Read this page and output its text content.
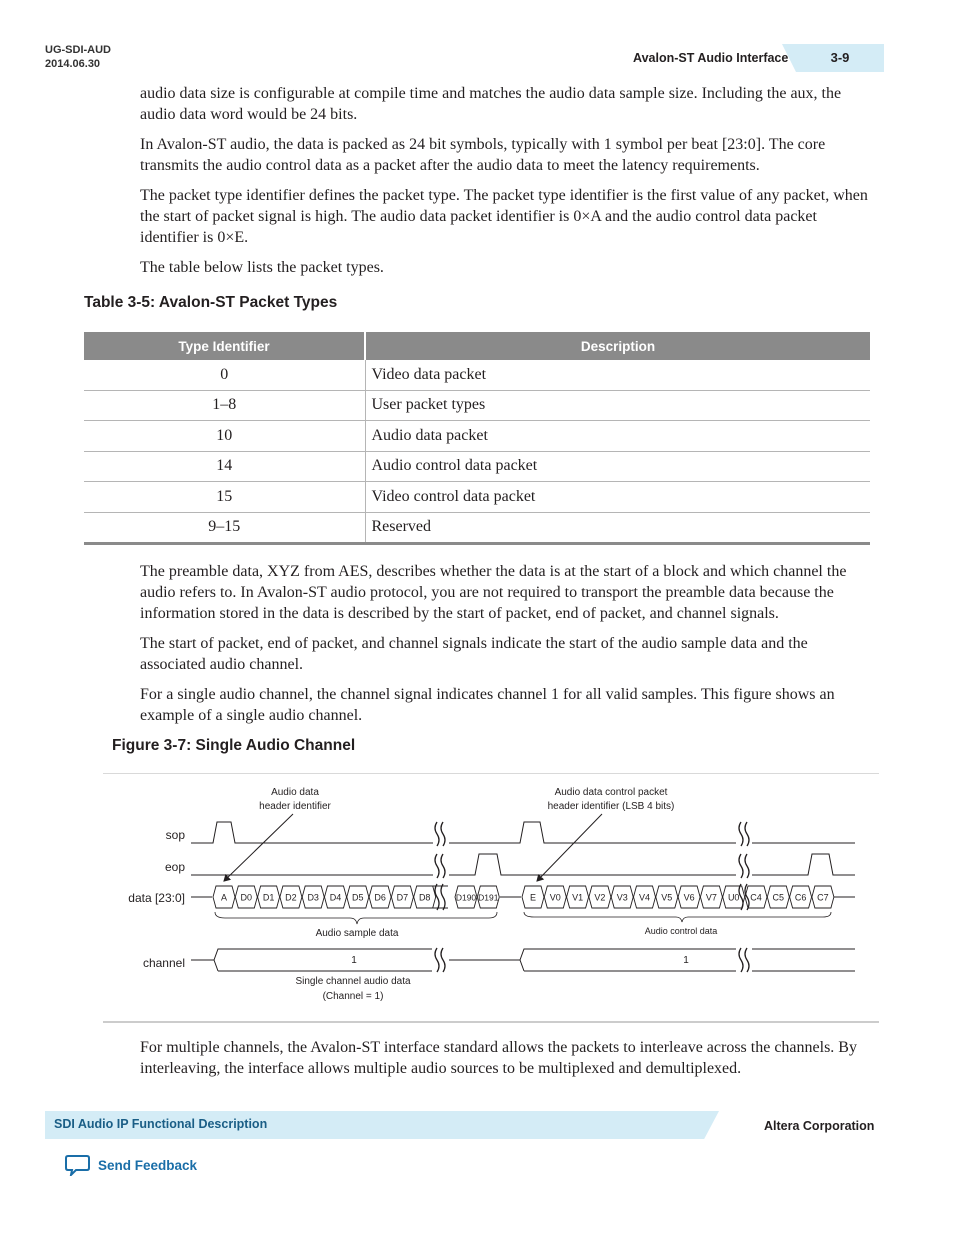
UG-SDI-AUD
2014.06.30	Avalon-ST Audio Interface	3-9

audio data size is configurable at compile time and matches the audio data sample size. Including the aux, the audio data word would be 24 bits.

In Avalon-ST audio, the data is packed as 24 bit symbols, typically with 1 symbol per beat [23:0]. The core transmits the audio control data as a packet after the audio data to meet the latency requirements.

The packet type identifier defines the packet type. The packet type identifier is the first value of any packet, when the start of packet signal is high. The audio data packet identifier is 0×A and the audio control data packet identifier is 0×E.

The table below lists the packet types.

Table 3-5: Avalon-ST Packet Types
Type Identifier	Description
0	Video data packet
1–8	User packet types
10	Audio data packet
14	Audio control data packet
15	Video control data packet
9–15	Reserved

The preamble data, XYZ from AES, describes whether the data is at the start of a block and which channel the audio refers to. In Avalon-ST audio protocol, you are not required to transport the preamble data because the information stored in the data is described by the start of packet, end of packet, and channel signals.

The start of packet, end of packet, and channel signals indicate the start of the audio sample data and the associated audio channel.

For a single audio channel, the channel signal indicates channel 1 for all valid samples. This figure shows an example of a single audio channel.

Figure 3-7: Single Audio Channel
sop
eop
data [23:0]
channel
Audio data
header identifier
Audio data control packet
header identifier (LSB 4 bits)
A D0 D1 D2 D3 D4 D5 D6 D7 D8	D190 D191	E V0 V1 V2 V3 V4 V5 V6 V7 U0 C4 C5 C6 C7
Audio sample data	Audio control data
1	1
Single channel audio data
(Channel = 1)

For multiple channels, the Avalon-ST interface standard allows the packets to interleave across the channels. By interleaving, the interface allows multiple audio sources to be multiplexed and demultiplexed.

SDI Audio IP Functional Description	Altera Corporation
Send Feedback
